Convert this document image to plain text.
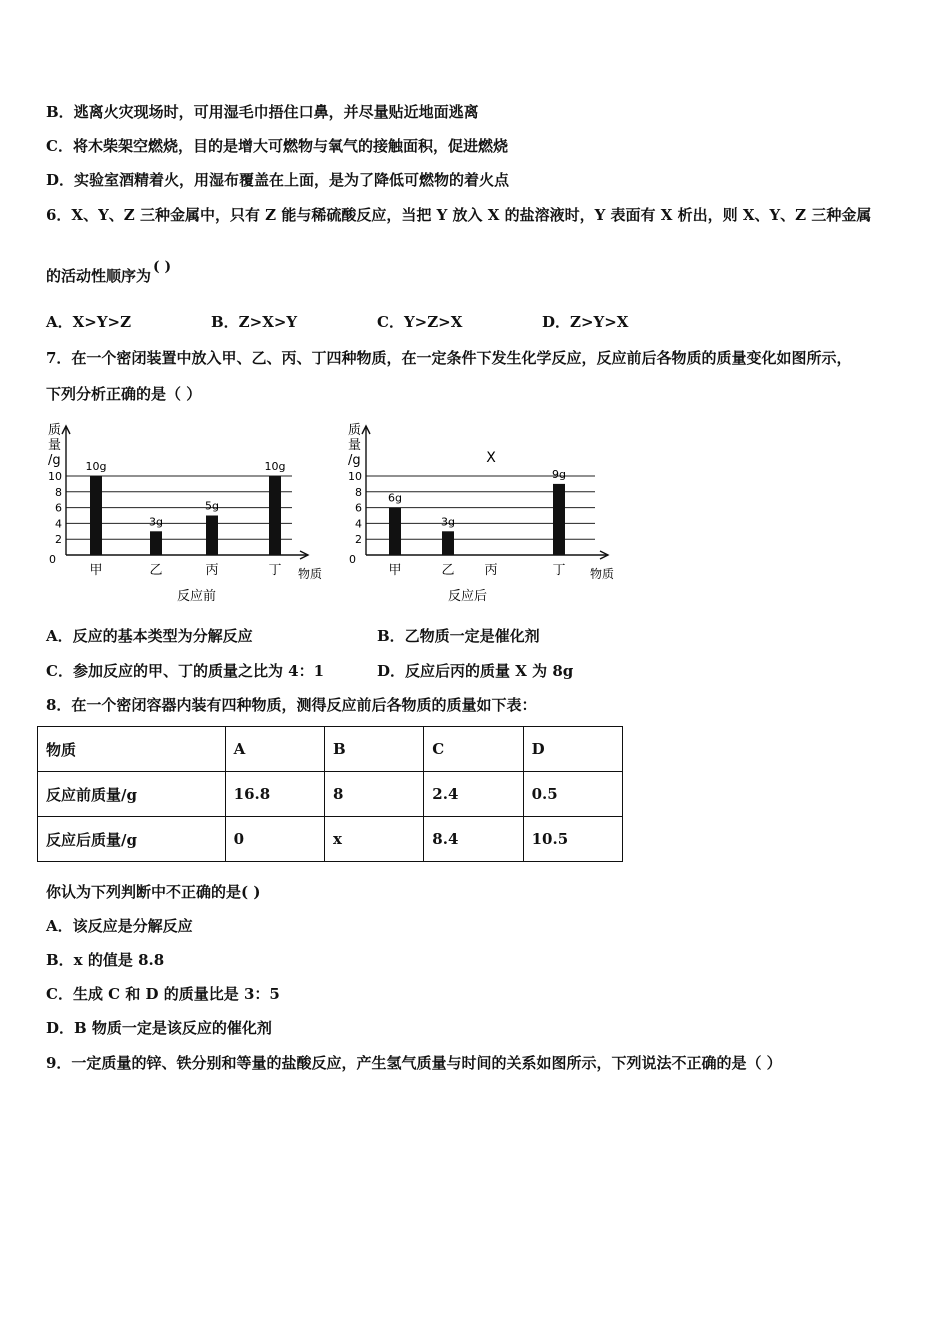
B．逃离火灾现场时，可用湿毛巾捂住口鼻，并尽量贴近地面逃离
C．将木柴架空燃烧，目的是增大可燃物与氧气的接触面积，促进燃烧
D．实验室酒精着火，用湿布覆盖在上面，是为了降低可燃物的着火点
6．X、Y、Z 三种金属中，只有 Z 能与稀硫酸反应，当把 Y 放入 X 的盐溶液时，Y 表面有 X 析出，则 X、Y、Z 三种金属
的活动性顺序为 ( )
A．X>Y>Z	B．Z>X>Y	C．Y>Z>X	D．Z>Y>X
7．在一个密闭装置中放入甲、乙、丙、丁四种物质，在一定条件下发生化学反应，反应前后各物质的质量变化如图所示，
下列分析正确的是（ ）
0
2
4
6
8
10
10g
3g
5g
10g
甲	乙	丙	丁
质量/g
物质
反应前
0
2
4
6
8
10
6g
3g
X
9g
甲	乙 丙	丁
质量/g
物质
反应后
A．反应的基本类型为分解反应	B．乙物质一定是催化剂
C．参加反应的甲、丁的质量之比为 4：1	D．反应后丙的质量 X 为 8g
8．在一个密闭容器内装有四种物质，测得反应前后各物质的质量如下表：
物质	A	B	C	D
反应前质量/g	16.8	8	2.4	0.5
反应后质量/g	0	x	8.4	10.5
你认为下列判断中不正确的是( )
A．该反应是分解反应
B．x 的值是 8.8
C．生成 C 和 D 的质量比是 3：5
D．B 物质一定是该反应的催化剂
9．一定质量的锌、铁分别和等量的盐酸反应，产生氢气质量与时间的关系如图所示，下列说法不正确的是（ ）
